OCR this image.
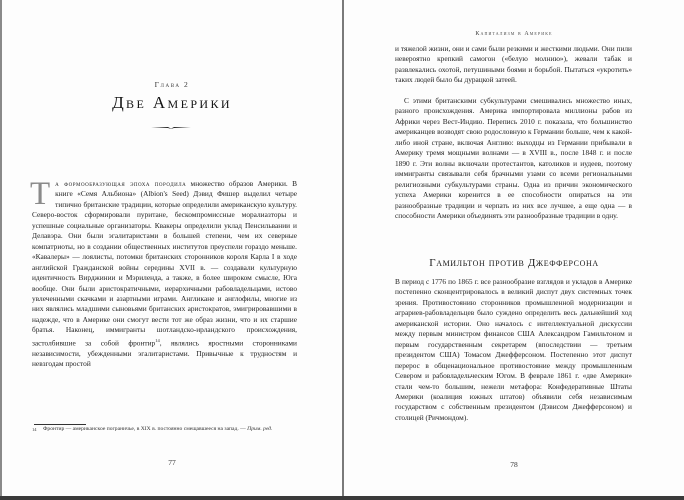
Глава 2
Две Америки
Та формообразующая эпоха породила множество образов Америки. В книге «Семя Альбиона» (Albion's Seed) Дэвид Фишер выделил четыре типично британские традиции, которые определили американскую культуру. Северо-восток сформировали пуритане, бескомпромиссные моралиазторы и успешные социальные организаторы. Квакеры определили уклад Пенсильвании и Делавэра. Они были эгалитаристами в большей степени, чем их северные компатриоты, но в создании общественных институтов преуспели гораздо меньше. «Кавалеры» — лоялисты, потомки британских сторонников короля Карла I в ходе английской Гражданской войны середины XVII в. — создавали культурную идентичность Вирджинии и Мэриленда, а также, в более широком смысле, Юга вообще. Они были аристократичными, иерархичными рабовладельцами, истово увлеченными скачками и азартными играми. Англикане и англофилы, многие из них являлись младшими сыновьями британских аристократов, эмигрировавшими в надежде, что в Америке они смогут вести тот же образ жизни, что и их старшие братья. Наконец, иммигранты шотландско-ирландского происхождения, застолбившие за собой фронтир$^{14}$, являлись яростными сторонниками независимости, убежденными эгалитаристами. Привычные к трудностям и невзгодам простой
14 Фронтир — американское пограничье, в XIX в. постоянно смещавшееся на запад. — Прим. ред.
77
Капитализм в Америке
и тяжелой жизни, они и сами были резкими и жесткими людьми. Они пили невероятно крепкий самогон («белую молнию»), жевали табак и развлекались охотой, петушиными боями и борьбой. Пытаться «укротить» таких людей было бы дурацкой затеей.
С этими британскими субкультурами смешивались множество иных, разного происхождения. Америка импортировала миллионы рабов из Африки через Вест-Индию. Перепись 2010 г. показала, что большинство американцев возводят свою родословную к Германии больше, чем к какой-либо иной стране, включая Англию: выходцы из Германии прибывали в Америку тремя мощными волнами — в XVIII в., после 1848 г. и после 1890 г. Эти волны включали протестантов, католиков и иудеев, поэтому иммигранты связывали себя брачными узами со всеми региональными религиозными субкультурами страны. Одна из причин экономического успеха Америки коренится в ее способности опираться на эти разнообразные традиции и черпать из них все лучшее, а еще одна — в способности Америки объединять эти разнообразные традиции в одну.
Гамильтон против Джефферсона
В период с 1776 по 1865 г. все разнообразие взглядов и укладов в Америке постепенно сконцентрировалось в великий диспут двух системных точек зрения. Противостоянию сторонников промышленной модернизации и аграриев-рабовладельцев было суждено определить весь дальнейший ход американской истории. Оно началось с интеллектуальной дискуссии между первым министром финансов США Александром Гамильтоном и первым государственным секретарем (впоследствии — третьим президентом США) Томасом Джефферсоном. Постепенно этот диспут перерос в общенациональное противостояние между промышленным Севером и рабовладельческим Югом. В феврале 1861 г. «две Америки» стали чем-то большим, нежели метафора: Конфедеративные Штаты Америки (коалиция южных штатов) объявили себя независимым государством с собственным президентом (Дэвисом Джефферсоном) и столицей (Ричмондом).
78
